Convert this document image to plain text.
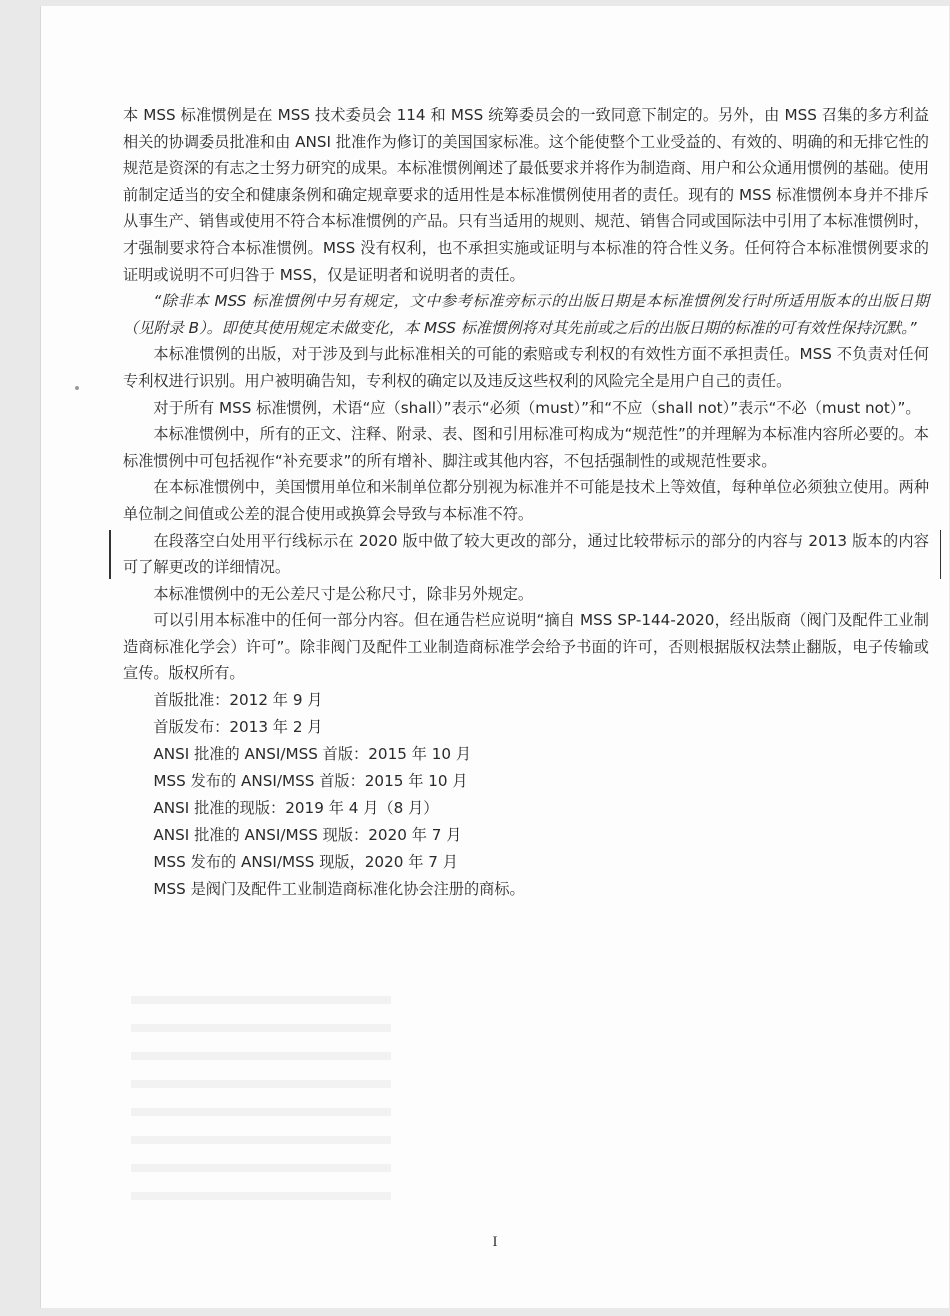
本 MSS 标准惯例是在 MSS 技术委员会 114 和 MSS 统筹委员会的一致同意下制定的。另外，由 MSS 召集的多方利益相关的协调委员批准和由 ANSI 批准作为修订的美国国家标准。这个能使整个工业受益的、有效的、明确的和无排它性的规范是资深的有志之士努力研究的成果。本标准惯例阐述了最低要求并将作为制造商、用户和公众通用惯例的基础。使用前制定适当的安全和健康条例和确定规章要求的适用性是本标准惯例使用者的责任。现有的 MSS 标准惯例本身并不排斥从事生产、销售或使用不符合本标准惯例的产品。只有当适用的规则、规范、销售合同或国际法中引用了本标准惯例时，才强制要求符合本标准惯例。MSS 没有权利，也不承担实施或证明与本标准的符合性义务。任何符合本标准惯例要求的证明或说明不可归咎于 MSS，仅是证明者和说明者的责任。

“除非本 MSS 标准惯例中另有规定，文中参考标准旁标示的出版日期是本标准惯例发行时所适用版本的出版日期（见附录 B）。即使其使用规定未做变化，本 MSS 标准惯例将对其先前或之后的出版日期的标准的可有效性保持沉默。”

本标准惯例的出版，对于涉及到与此标准相关的可能的索赔或专利权的有效性方面不承担责任。MSS 不负责对任何专利权进行识别。用户被明确告知，专利权的确定以及违反这些权利的风险完全是用户自己的责任。

对于所有 MSS 标准惯例，术语“应（shall）”表示“必须（must）”和“不应（shall not）”表示“不必（must not）”。

本标准惯例中，所有的正文、注释、附录、表、图和引用标准可构成为“规范性”的并理解为本标准内容所必要的。本标准惯例中可包括视作“补充要求”的所有增补、脚注或其他内容，不包括强制性的或规范性要求。

在本标准惯例中，美国惯用单位和米制单位都分别视为标准并不可能是技术上等效值，每种单位必须独立使用。两种单位制之间值或公差的混合使用或换算会导致与本标准不符。

在段落空白处用平行线标示在 2020 版中做了较大更改的部分，通过比较带标示的部分的内容与 2013 版本的内容可了解更改的详细情况。

本标准惯例中的无公差尺寸是公称尺寸，除非另外规定。

可以引用本标准中的任何一部分内容。但在通告栏应说明“摘自 MSS SP-144-2020，经出版商（阀门及配件工业制造商标准化学会）许可”。除非阀门及配件工业制造商标准学会给予书面的许可，否则根据版权法禁止翻版，电子传输或宣传。版权所有。

首版批准：2012 年 9 月
首版发布：2013 年 2 月
ANSI 批准的 ANSI/MSS 首版：2015 年 10 月
MSS 发布的 ANSI/MSS 首版：2015 年 10 月
ANSI 批准的现版：2019 年 4 月（8 月）
ANSI 批准的 ANSI/MSS 现版：2020 年 7 月
MSS 发布的 ANSI/MSS 现版，2020 年 7 月
MSS 是阀门及配件工业制造商标准化协会注册的商标。
I
